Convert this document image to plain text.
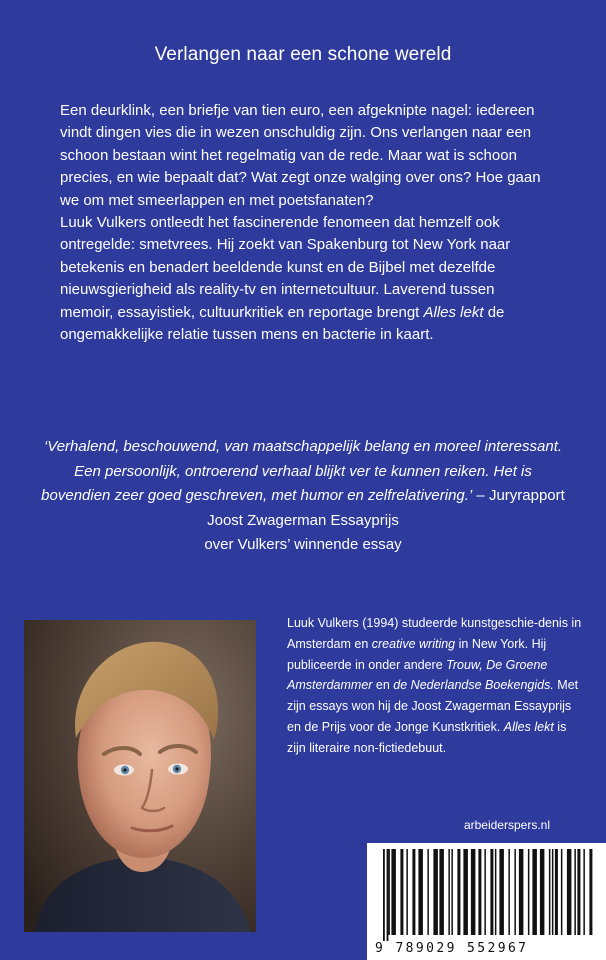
Verlangen naar een schone wereld

Een deurklink, een briefje van tien euro, een afgeknipte nagel: iedereen vindt dingen vies die in wezen onschuldig zijn. Ons verlangen naar een schoon bestaan wint het regelmatig van de rede. Maar wat is schoon precies, en wie bepaalt dat? Wat zegt onze walging over ons? Hoe gaan we om met smeerlappen en met poetsfanaten?

Luuk Vulkers ontleedt het fascinerende fenomeen dat hemzelf ook ontregelde: smetvrees. Hij zoekt van Spakenburg tot New York naar betekenis en benadert beeldende kunst en de Bijbel met dezelfde nieuwsgierigheid als reality-tv en internetcultuur. Laverend tussen memoir, essayistiek, cultuurkritiek en reportage brengt Alles lekt de ongemakkelijke relatie tussen mens en bacterie in kaart.

‘Verhalend, beschouwend, van maatschappelijk belang en moreel interessant. Een persoonlijk, ontroerend verhaal blijkt ver te kunnen reiken. Het is bovendien zeer goed geschreven, met humor en zelfrelativering.’ – Juryrapport Joost Zwagerman Essayprijs
over Vulkers’ winnende essay
Luuk Vulkers (1994) studeerde kunstgeschie-denis in Amsterdam en creative writing in New York. Hij publiceerde in onder andere Trouw, De Groene Amsterdammer en de Nederlandse Boekengids. Met zijn essays won hij de Joost Zwagerman Essayprijs en de Prijs voor de Jonge Kunstkritiek. Alles lekt is zijn literaire non-fictiedebuut.
arbeiderspers.nl
9 789029 552967
